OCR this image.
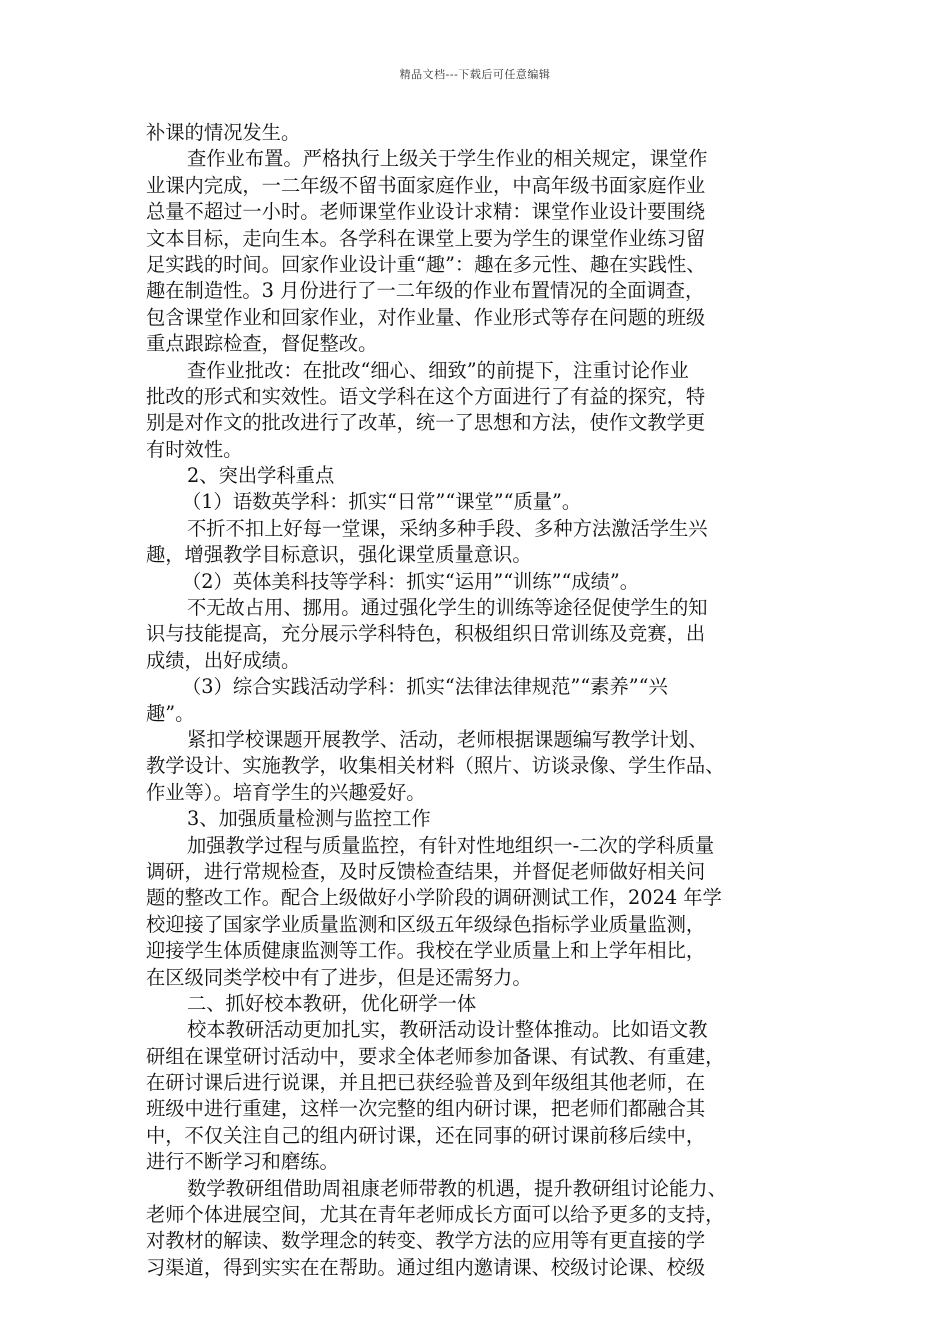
精品文档---下载后可任意编辑
补课的情况发生。
查作业布置。严格执行上级关于学生作业的相关规定，课堂作
业课内完成，一二年级不留书面家庭作业，中高年级书面家庭作业
总量不超过一小时。老师课堂作业设计求精：课堂作业设计要围绕
文本目标，走向生本。各学科在课堂上要为学生的课堂作业练习留
足实践的时间。回家作业设计重“趣”：趣在多元性、趣在实践性、
趣在制造性。3 月份进行了一二年级的作业布置情况的全面调查，
包含课堂作业和回家作业，对作业量、作业形式等存在问题的班级
重点跟踪检查，督促整改。
查作业批改：在批改“细心、细致”的前提下，注重讨论作业
批改的形式和实效性。语文学科在这个方面进行了有益的探究，特
别是对作文的批改进行了改革，统一了思想和方法，使作文教学更
有时效性。
2、突出学科重点
（1）语数英学科：抓实“日常”“课堂”“质量”。
不折不扣上好每一堂课，采纳多种手段、多种方法激活学生兴
趣，增强教学目标意识，强化课堂质量意识。
（2）英体美科技等学科：抓实“运用”“训练”“成绩”。
不无故占用、挪用。通过强化学生的训练等途径促使学生的知
识与技能提高，充分展示学科特色，积极组织日常训练及竞赛，出
成绩，出好成绩。
（3）综合实践活动学科：抓实“法律法律规范”“素养”“兴
趣”。
紧扣学校课题开展教学、活动，老师根据课题编写教学计划、
教学设计、实施教学，收集相关材料（照片、访谈录像、学生作品、
作业等）。培育学生的兴趣爱好。
3、加强质量检测与监控工作
加强教学过程与质量监控，有针对性地组织一-二次的学科质量
调研，进行常规检查，及时反馈检查结果，并督促老师做好相关问
题的整改工作。配合上级做好小学阶段的调研测试工作，2024 年学
校迎接了国家学业质量监测和区级五年级绿色指标学业质量监测，
迎接学生体质健康监测等工作。我校在学业质量上和上学年相比，
在区级同类学校中有了进步，但是还需努力。
二、抓好校本教研，优化研学一体
校本教研活动更加扎实，教研活动设计整体推动。比如语文教
研组在课堂研讨活动中，要求全体老师参加备课、有试教、有重建，
在研讨课后进行说课，并且把已获经验普及到年级组其他老师，在
班级中进行重建，这样一次完整的组内研讨课，把老师们都融合其
中，不仅关注自己的组内研讨课，还在同事的研讨课前移后续中，
进行不断学习和磨练。
数学教研组借助周祖康老师带教的机遇，提升教研组讨论能力、
老师个体进展空间，尤其在青年老师成长方面可以给予更多的支持，
对教材的解读、数学理念的转变、教学方法的应用等有更直接的学
习渠道，得到实实在在帮助。通过组内邀请课、校级讨论课、校级
